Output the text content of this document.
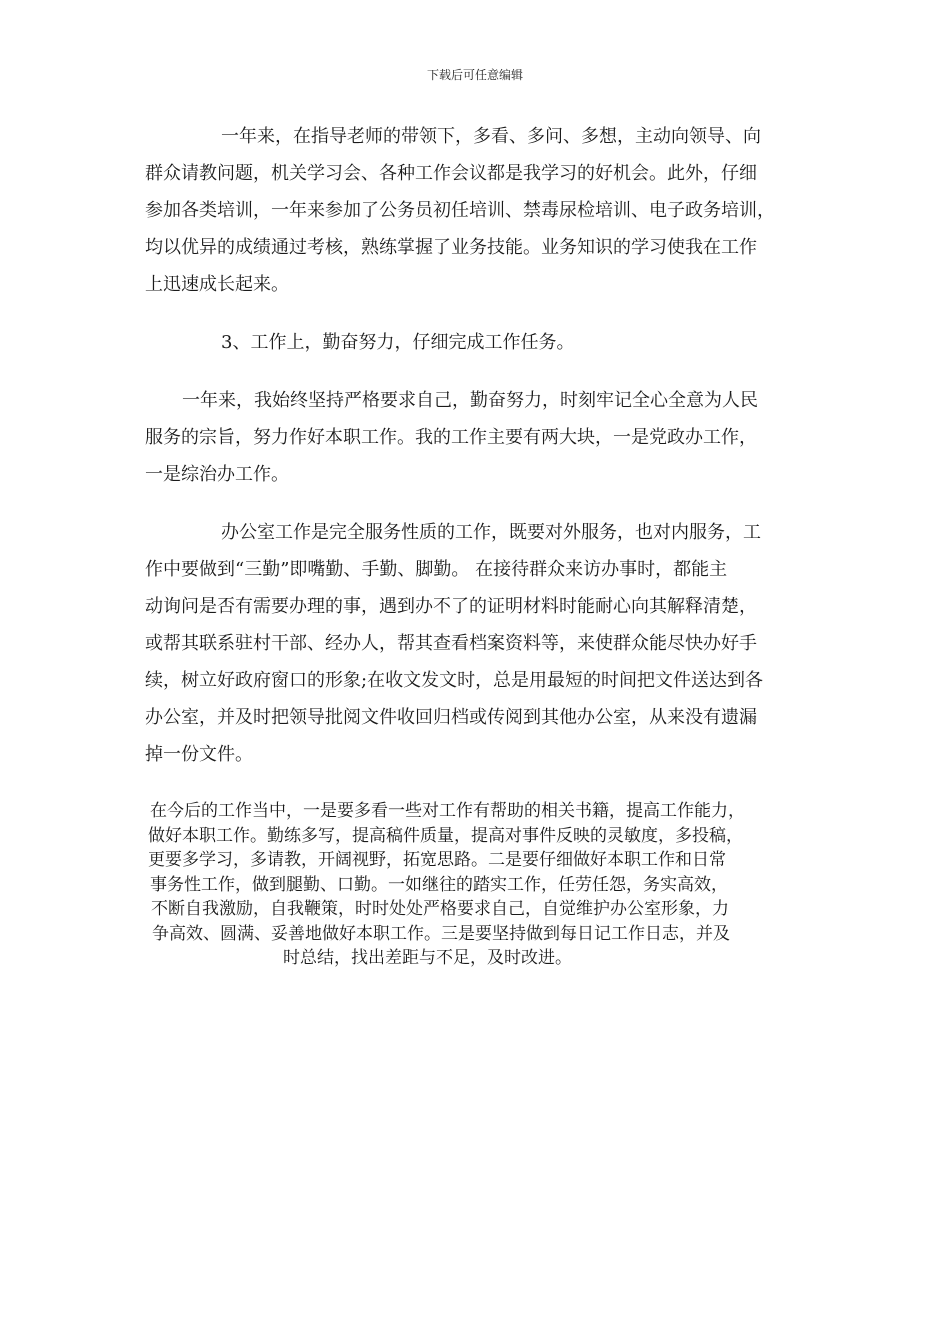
下载后可任意编辑
一年来，在指导老师的带领下，多看、多问、多想，主动向领导、向
群众请教问题，机关学习会、各种工作会议都是我学习的好机会。此外，仔细
参加各类培训，一年来参加了公务员初任培训、禁毒尿检培训、电子政务培训，
均以优异的成绩通过考核，熟练掌握了业务技能。业务知识的学习使我在工作
上迅速成长起来。
3、工作上，勤奋努力，仔细完成工作任务。
一年来，我始终坚持严格要求自己，勤奋努力，时刻牢记全心全意为人民
服务的宗旨，努力作好本职工作。我的工作主要有两大块，一是党政办工作，
一是综治办工作。
办公室工作是完全服务性质的工作，既要对外服务，也对内服务，工
作中要做到“三勤”即嘴勤、手勤、脚勤。 在接待群众来访办事时，都能主
动询问是否有需要办理的事，遇到办不了的证明材料时能耐心向其解释清楚，
或帮其联系驻村干部、经办人，帮其查看档案资料等，来使群众能尽快办好手
续，树立好政府窗口的形象;在收文发文时，总是用最短的时间把文件送达到各
办公室，并及时把领导批阅文件收回归档或传阅到其他办公室，从来没有遗漏
掉一份文件。
在今后的工作当中，一是要多看一些对工作有帮助的相关书籍，提高工作能力，
做好本职工作。勤练多写，提高稿件质量，提高对事件反映的灵敏度，多投稿，
更要多学习，多请教，开阔视野，拓宽思路。二是要仔细做好本职工作和日常
事务性工作，做到腿勤、口勤。一如继往的踏实工作，任劳任怨，务实高效，
不断自我激励，自我鞭策，时时处处严格要求自己，自觉维护办公室形象，力
争高效、圆满、妥善地做好本职工作。三是要坚持做到每日记工作日志，并及
时总结，找出差距与不足，及时改进。
